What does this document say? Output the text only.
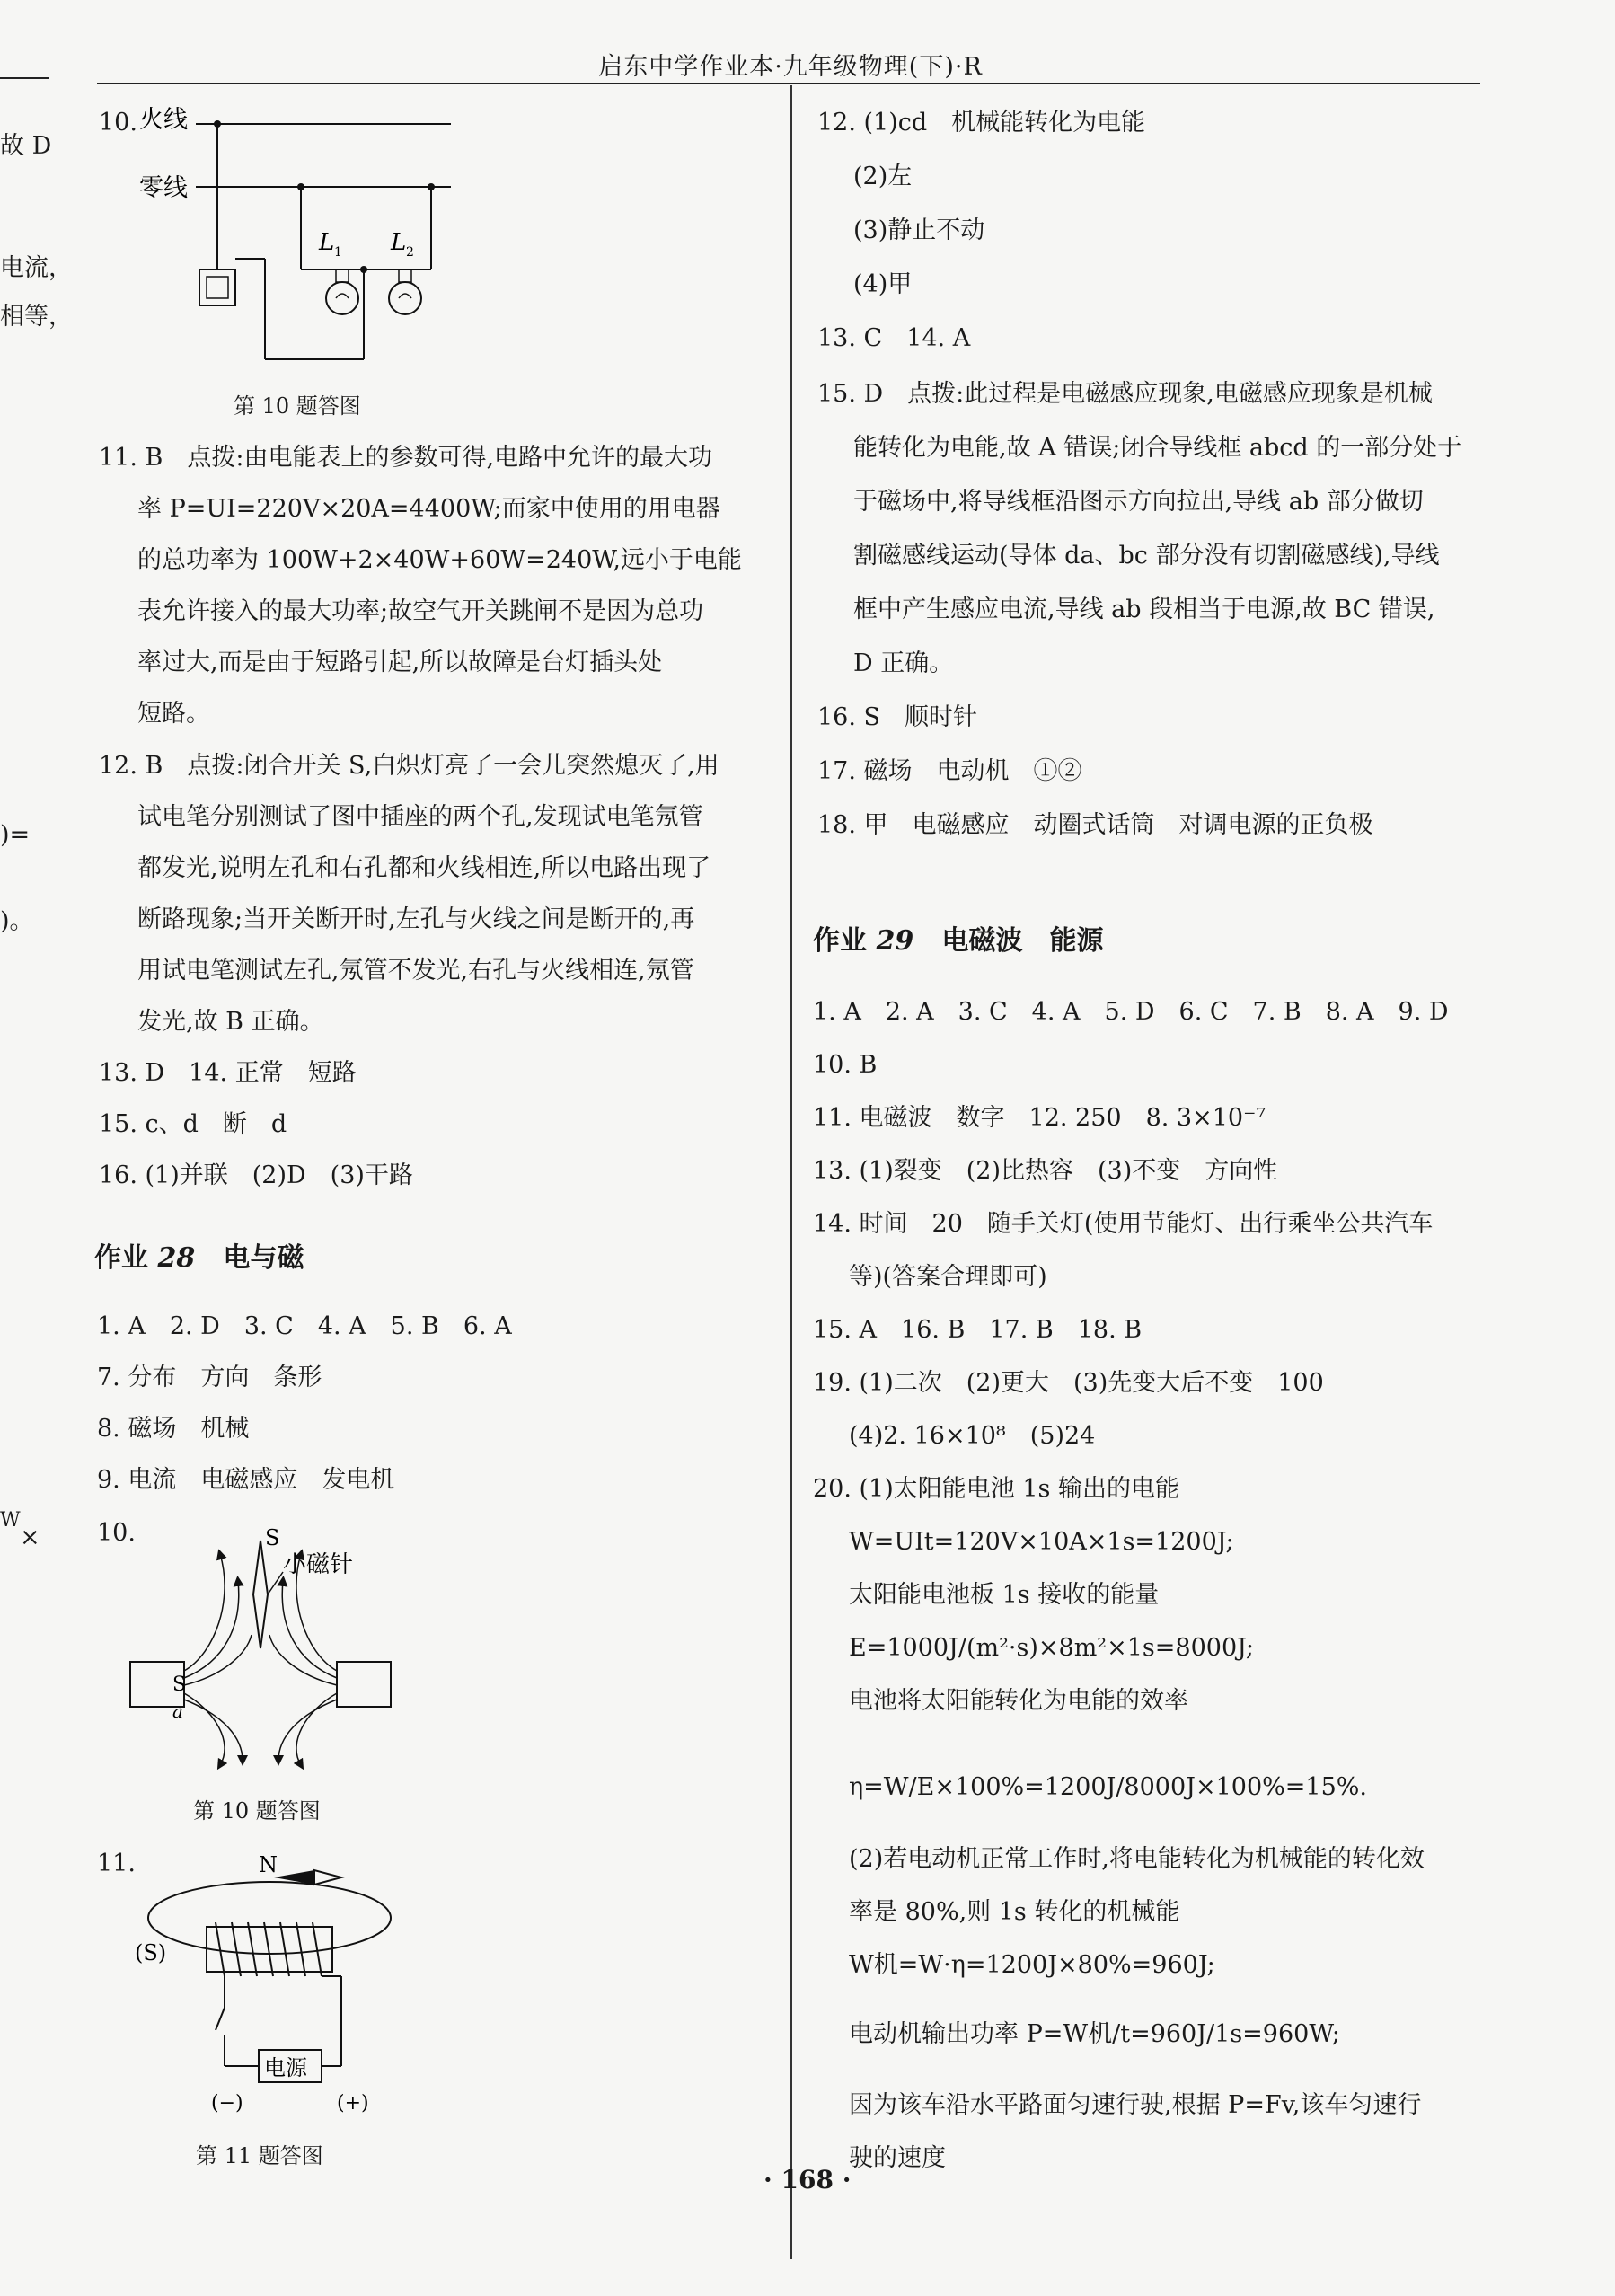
启东中学作业本·九年级物理(下)·R
故 D
电流，
相等，
)=
)。
W
×
10. 火线
零线
L 1 L 2
第 10 题答图
11. B　点拨:由电能表上的参数可得,电路中允许的最大功
率 P=UI=220V×20A=4400W;而家中使用的用电器
的总功率为 100W+2×40W+60W=240W,远小于电能
表允许接入的最大功率;故空气开关跳闸不是因为总功
率过大,而是由于短路引起,所以故障是台灯插头处
短路。
12. B　点拨:闭合开关 S,白炽灯亮了一会儿突然熄灭了,用
试电笔分别测试了图中插座的两个孔,发现试电笔氖管
都发光,说明左孔和右孔都和火线相连,所以电路出现了
断路现象;当开关断开时,左孔与火线之间是断开的,再
用试电笔测试左孔,氖管不发光,右孔与火线相连,氖管
发光,故 B 正确。
13. D　14. 正常　短路
15. c、d　断　d
16. (1)并联　(2)D　(3)干路
作业 28 电与磁
1. A　2. D　3. C　4. A　5. B　6. A
7. 分布　方向　条形
8. 磁场　机械
9. 电流　电磁感应　发电机
10.	S
小磁针
S
a
第 10 题答图
11.	N
(S)
电源
(−)	(+)
第 11 题答图
12. (1)cd　机械能转化为电能
(2)左
(3)静止不动
(4)甲
13. C　14. A
15. D　点拨:此过程是电磁感应现象,电磁感应现象是机械
能转化为电能,故 A 错误;闭合导线框 abcd 的一部分处于
于磁场中,将导线框沿图示方向拉出,导线 ab 部分做切
割磁感线运动(导体 da、bc 部分没有切割磁感线),导线
框中产生感应电流,导线 ab 段相当于电源,故 BC 错误,
D 正确。
16. S　顺时针
17. 磁场　电动机　①②
18. 甲　电磁感应　动圈式话筒　对调电源的正负极
作业 29 电磁波　能源
1. A　2. A　3. C　4. A　5. D　6. C　7. B　8. A　9. D
10. B
11. 电磁波　数字　12. 250　8. 3×10⁻⁷
13. (1)裂变　(2)比热容　(3)不变　方向性
14. 时间　20　随手关灯(使用节能灯、出行乘坐公共汽车
等)(答案合理即可)
15. A　16. B　17. B　18. B
19. (1)二次　(2)更大　(3)先变大后不变　100
(4)2. 16×10⁸　(5)24
20. (1)太阳能电池 1s 输出的电能
W=UIt=120V×10A×1s=1200J;
太阳能电池板 1s 接收的能量
E=1000J/(m²·s)×8m²×1s=8000J;
电池将太阳能转化为电能的效率
η=W/E×100%=1200J/8000J×100%=15%.
(2)若电动机正常工作时,将电能转化为机械能的转化效
率是 80%,则 1s 转化的机械能
W机=W·η=1200J×80%=960J;
电动机输出功率 P=W机/t=960J/1s=960W;
因为该车沿水平路面匀速行驶,根据 P=Fv,该车匀速行
驶的速度
· 168 ·
